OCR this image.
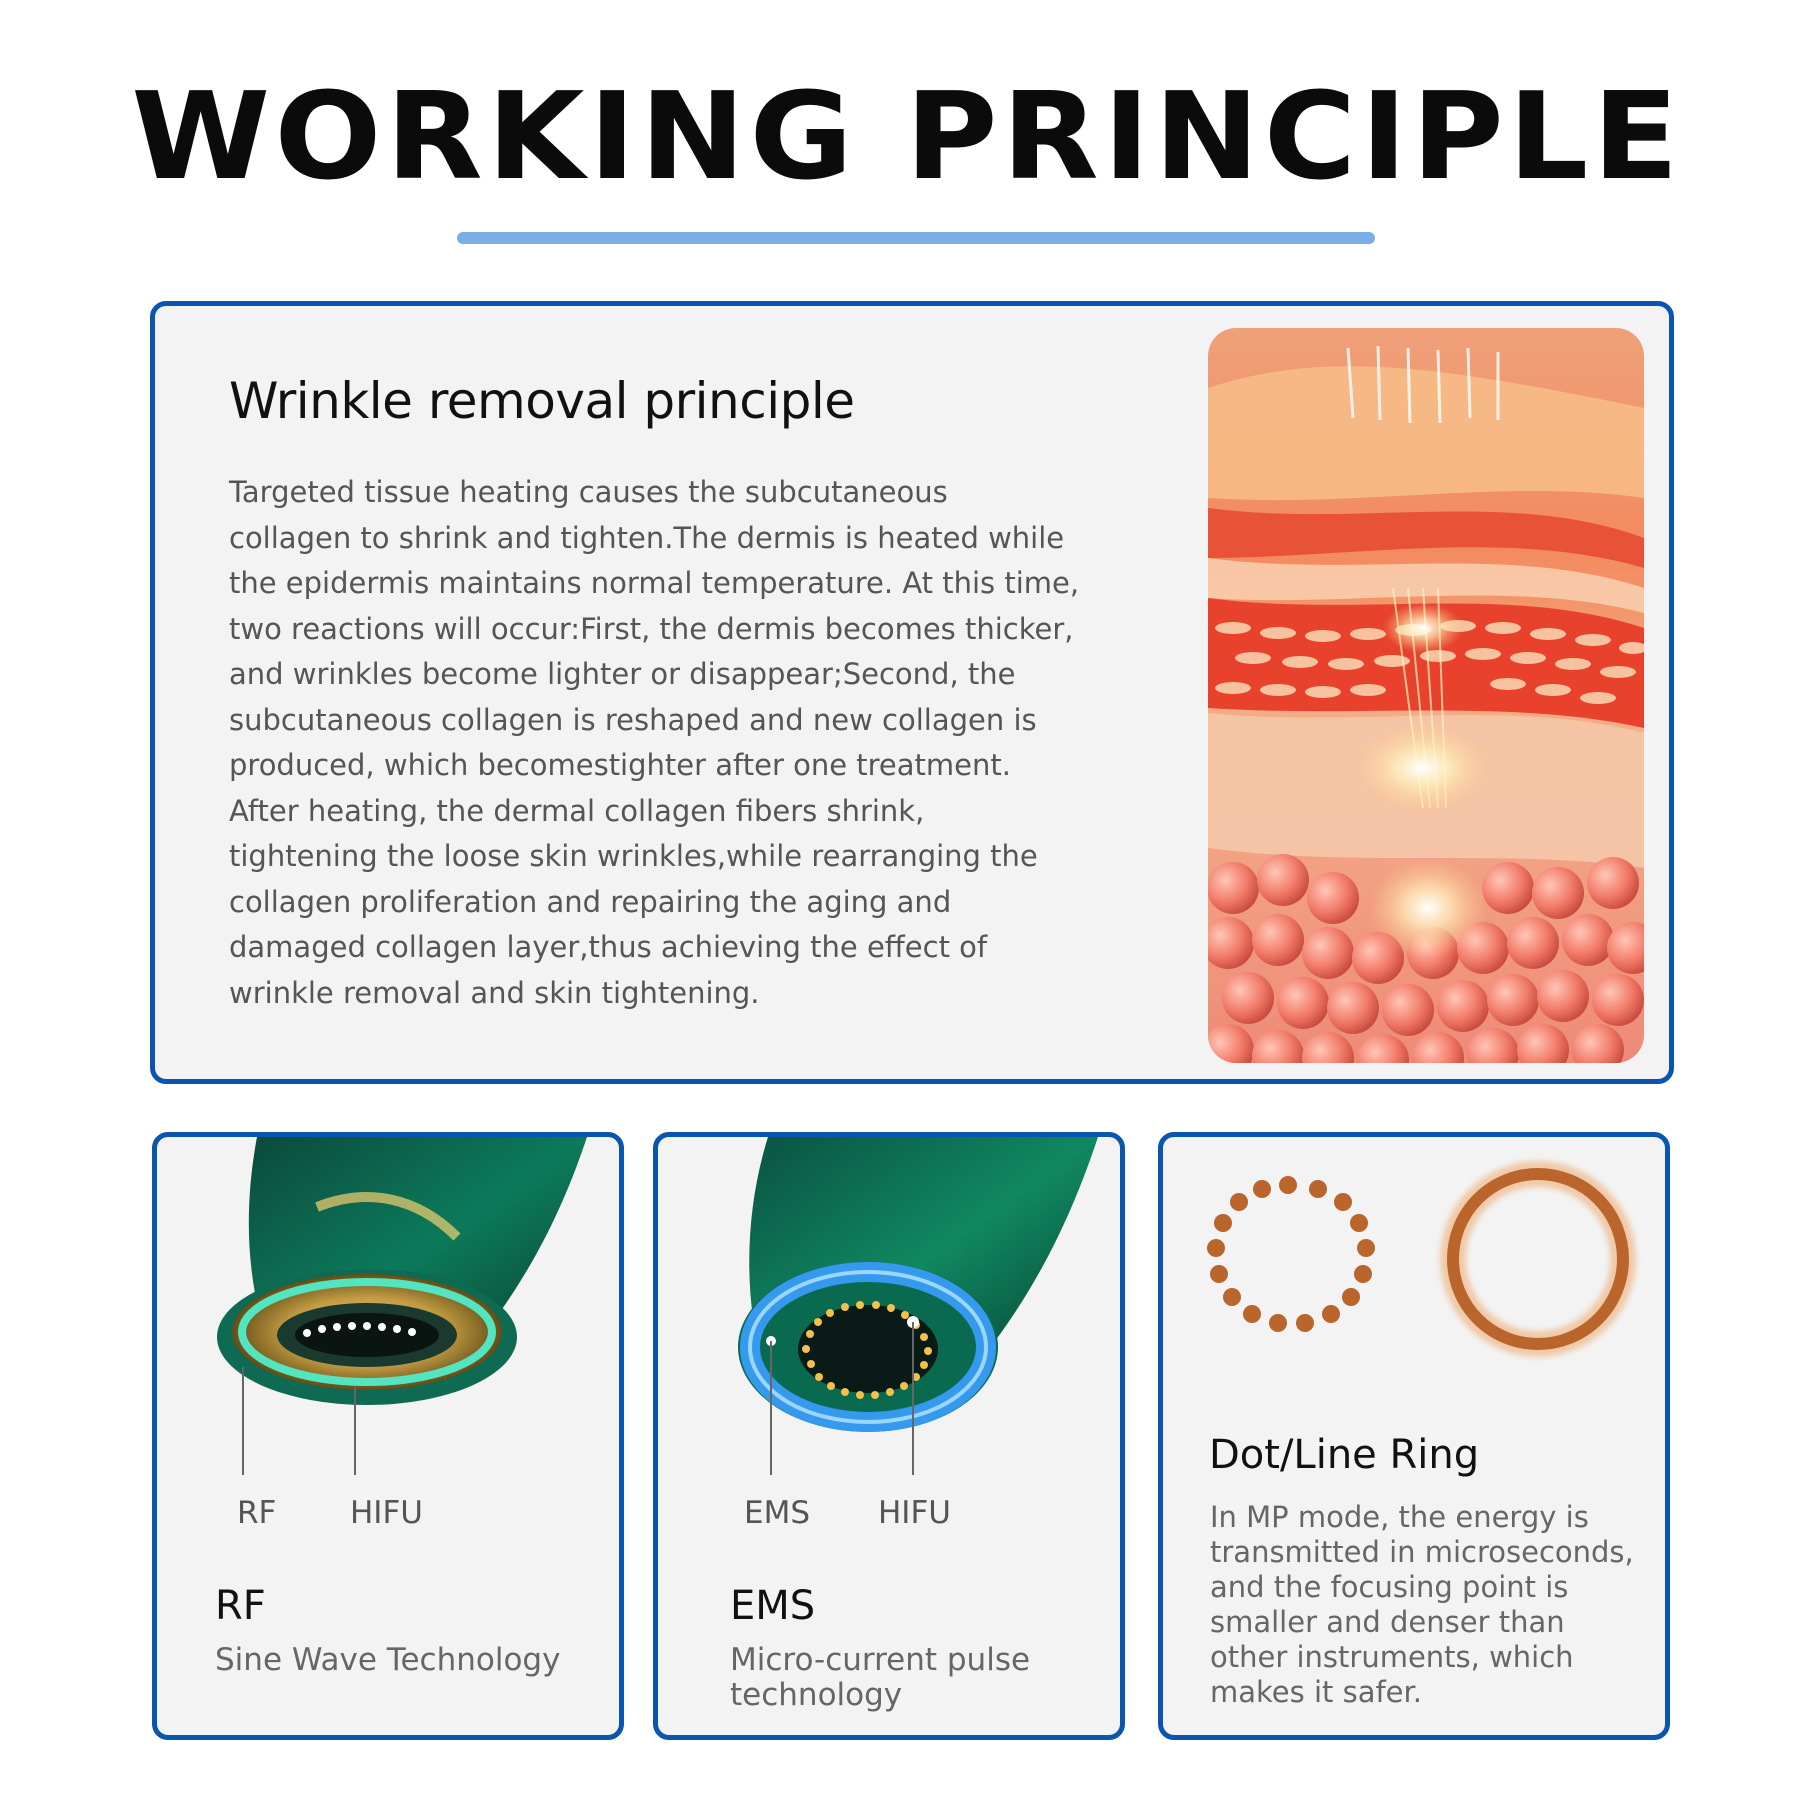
WORKING PRINCIPLE
Wrinkle removal principle
Targeted tissue heating causes the subcutaneous
collagen to shrink and tighten.The dermis is heated while
the epidermis maintains normal temperature. At this time,
two reactions will occur:First, the dermis becomes thicker,
and wrinkles become lighter or disappear;Second, the
subcutaneous collagen is reshaped and new collagen is
produced, which becomestighter after one treatment.
After heating, the dermal collagen fibers shrink,
tightening the loose skin wrinkles,while rearranging the
collagen proliferation and repairing the aging and
damaged collagen layer,thus achieving the effect of
wrinkle removal and skin tightening.
RF HIFU
RF
Sine Wave Technology
EMS HIFU
EMS
Micro-current pulse
technology
Dot/Line Ring
In MP mode, the energy is
transmitted in microseconds,
and the focusing point is
smaller and denser than
other instruments, which
makes it safer.
